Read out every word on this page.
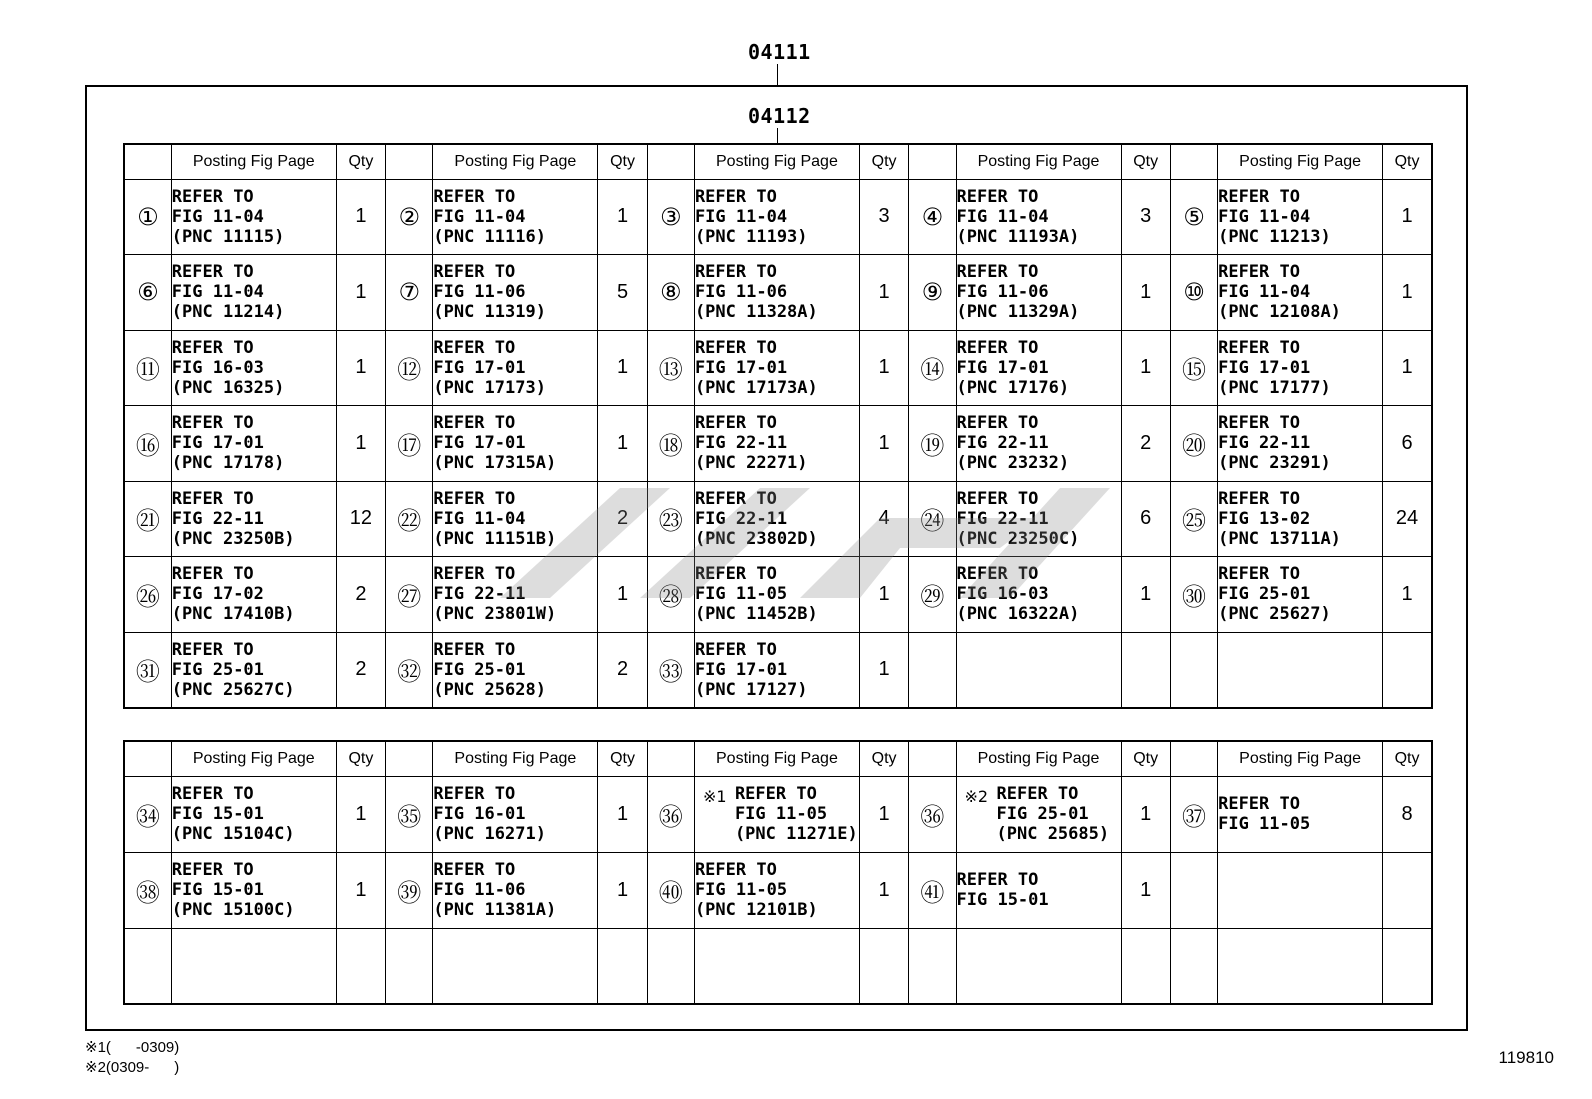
04111
04112
	Posting Fig Page	Qty		Posting Fig Page	Qty		Posting Fig Page	Qty		Posting Fig Page	Qty		Posting Fig Page	Qty
①	REFER TO
FIG 11-04
(PNC 11115)	1	②	REFER TO
FIG 11-04
(PNC 11116)	1	③	REFER TO
FIG 11-04
(PNC 11193)	3	④	REFER TO
FIG 11-04
(PNC 11193A)	3	⑤	REFER TO
FIG 11-04
(PNC 11213)	1
⑥	REFER TO
FIG 11-04
(PNC 11214)	1	⑦	REFER TO
FIG 11-06
(PNC 11319)	5	⑧	REFER TO
FIG 11-06
(PNC 11328A)	1	⑨	REFER TO
FIG 11-06
(PNC 11329A)	1	⑩	REFER TO
FIG 11-04
(PNC 12108A)	1
⑪	REFER TO
FIG 16-03
(PNC 16325)	1	⑫	REFER TO
FIG 17-01
(PNC 17173)	1	⑬	REFER TO
FIG 17-01
(PNC 17173A)	1	⑭	REFER TO
FIG 17-01
(PNC 17176)	1	⑮	REFER TO
FIG 17-01
(PNC 17177)	1
⑯	REFER TO
FIG 17-01
(PNC 17178)	1	⑰	REFER TO
FIG 17-01
(PNC 17315A)	1	⑱	REFER TO
FIG 22-11
(PNC 22271)	1	⑲	REFER TO
FIG 22-11
(PNC 23232)	2	⑳	REFER TO
FIG 22-11
(PNC 23291)	6
㉑	REFER TO
FIG 22-11
(PNC 23250B)	12	㉒	REFER TO
FIG 11-04
(PNC 11151B)	2	㉓	REFER TO
FIG 22-11
(PNC 23802D)	4	㉔	REFER TO
FIG 22-11
(PNC 23250C)	6	㉕	REFER TO
FIG 13-02
(PNC 13711A)	24
㉖	REFER TO
FIG 17-02
(PNC 17410B)	2	㉗	REFER TO
FIG 22-11
(PNC 23801W)	1	㉘	REFER TO
FIG 11-05
(PNC 11452B)	1	㉙	REFER TO
FIG 16-03
(PNC 16322A)	1	㉚	REFER TO
FIG 25-01
(PNC 25627)	1
㉛	REFER TO
FIG 25-01
(PNC 25627C)	2	㉜	REFER TO
FIG 25-01
(PNC 25628)	2	㉝	REFER TO
FIG 17-01
(PNC 17127)	1						
	Posting Fig Page	Qty		Posting Fig Page	Qty		Posting Fig Page	Qty		Posting Fig Page	Qty		Posting Fig Page	Qty
㉞	REFER TO
FIG 15-01
(PNC 15104C)	1	㉟	REFER TO
FIG 16-01
(PNC 16271)	1	㊱	※1 REFER TO
FIG 11-05
(PNC 11271E)	1	㊱	※2 REFER TO
FIG 25-01
(PNC 25685)	1	㊲	REFER TO
FIG 11-05	8
㊳	REFER TO
FIG 15-01
(PNC 15100C)	1	㊴	REFER TO
FIG 11-06
(PNC 11381A)	1	㊵	REFER TO
FIG 11-05
(PNC 12101B)	1	㊶	REFER TO
FIG 15-01	1			

※1(      -0309)
※2(0309-      )
119810
